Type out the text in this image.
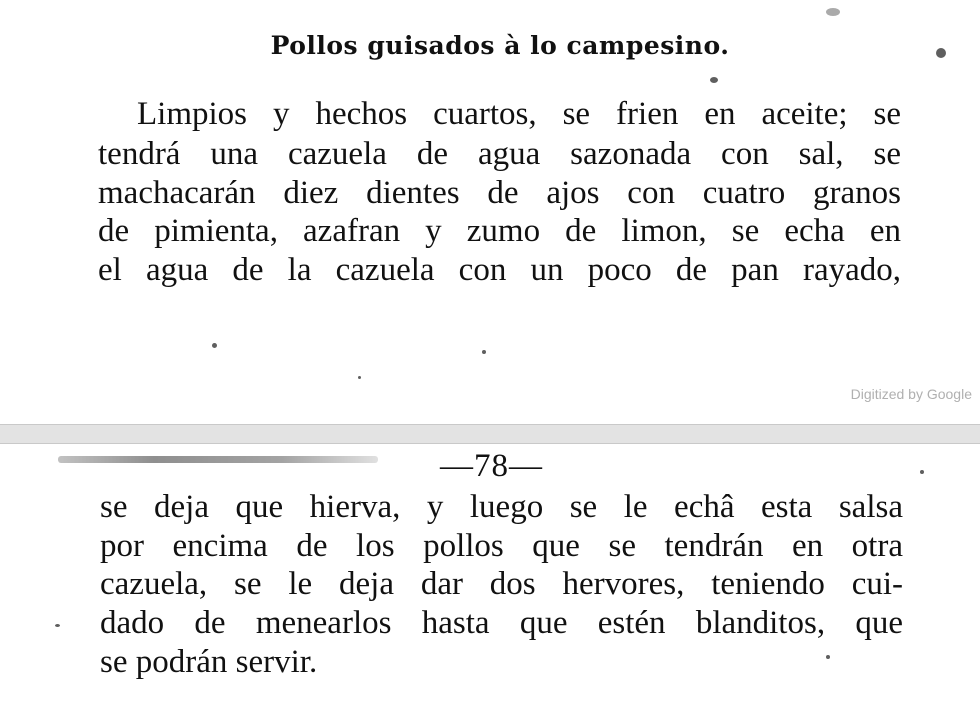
Pollos guisados à lo campesino.
Limpios y hechos cuartos, se frien en aceite; se
tendrá una cazuela de agua sazonada con sal, se
machacarán diez dientes de ajos con cuatro granos
de pimienta, azafran y zumo de limon, se echa en
el agua de la cazuela con un poco de pan rayado,
Digitized by Google
—78—
se deja que hierva, y luego se le echâ esta salsa
por encima de los pollos que se tendrán en otra
cazuela, se le deja dar dos hervores, teniendo cui-
dado de menearlos hasta que estén blanditos, que
se podrán servir.
